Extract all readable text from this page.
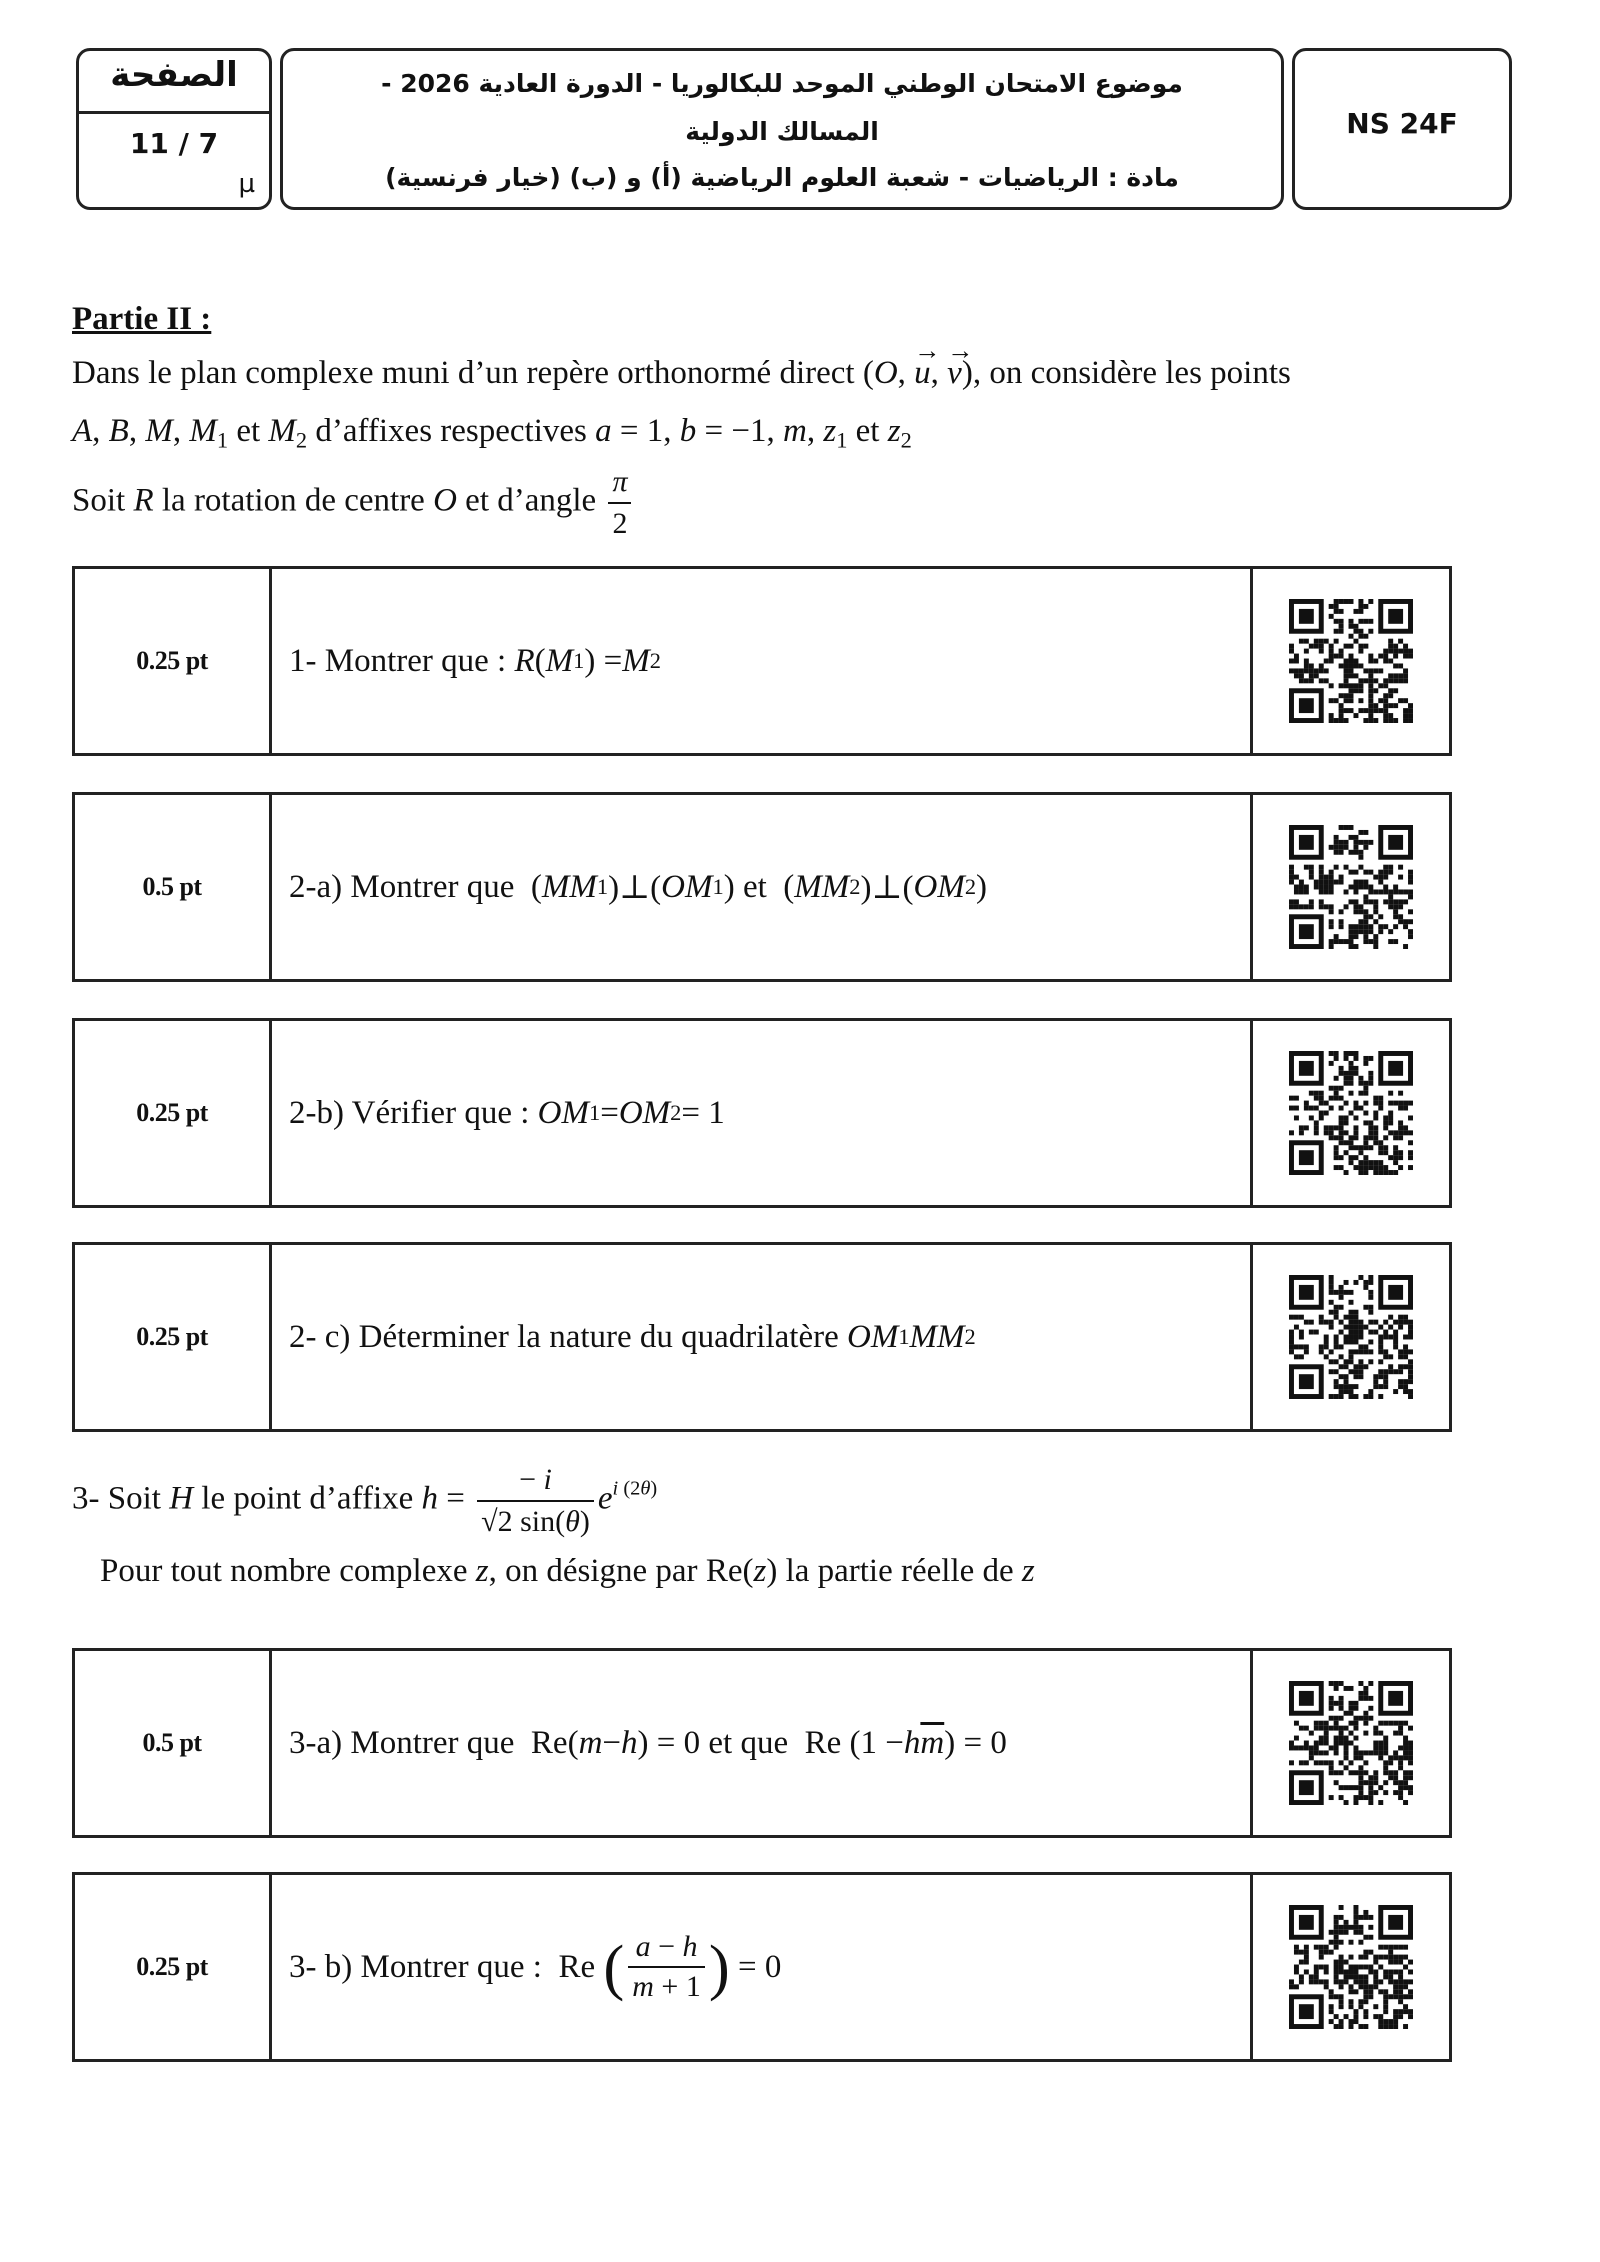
الصفحة
11 / 7
µ
موضوع الامتحان الوطني الموحد للبكالوريا - الدورة العادية 2026 -
المسالك الدولية
مادة : الرياضيات - شعبة العلوم الرياضية (أ) و (ب) (خيار فرنسية)
NS 24F
Partie II :
Dans le plan complexe muni d’un repère orthonormé direct (O, → u, → v), on considère les points
A, B, M, $M_1$ et $M_2$ d’affixes respectives a = 1, b = −1, m, $z_1$ et $z_2$
Soit R la rotation de centre O et d’angle $\frac{\pi}{2}$
0.25 pt	1- Montrer que :
R ( M 1 ) = M 2
0.5 pt	2-a) Montrer que ( MM 1 )⊥( OM 1 ) et ( MM 2 )⊥( OM 2 )
0.25 pt	2-b) Vérifier que :
OM 1 = OM 2 = 1
0.25 pt	2- c) Déterminer la nature du quadrilatère
OM 1 MM 2
3- Soit H le point d’affixe $h = \frac{- i}{√2 \sin(\theta)} e^{i (2\theta)}$
Pour tout nombre complexe z, on désigne par Re(z) la partie réelle de z
0.5 pt	3-a) Montrer que Re( m − h ) = 0 et que Re (1 − h $\overline{m}$ ) = 0
0.25 pt	3- b) Montrer que : Re ( $\frac{a - h}{m + 1}$ ) = 0
